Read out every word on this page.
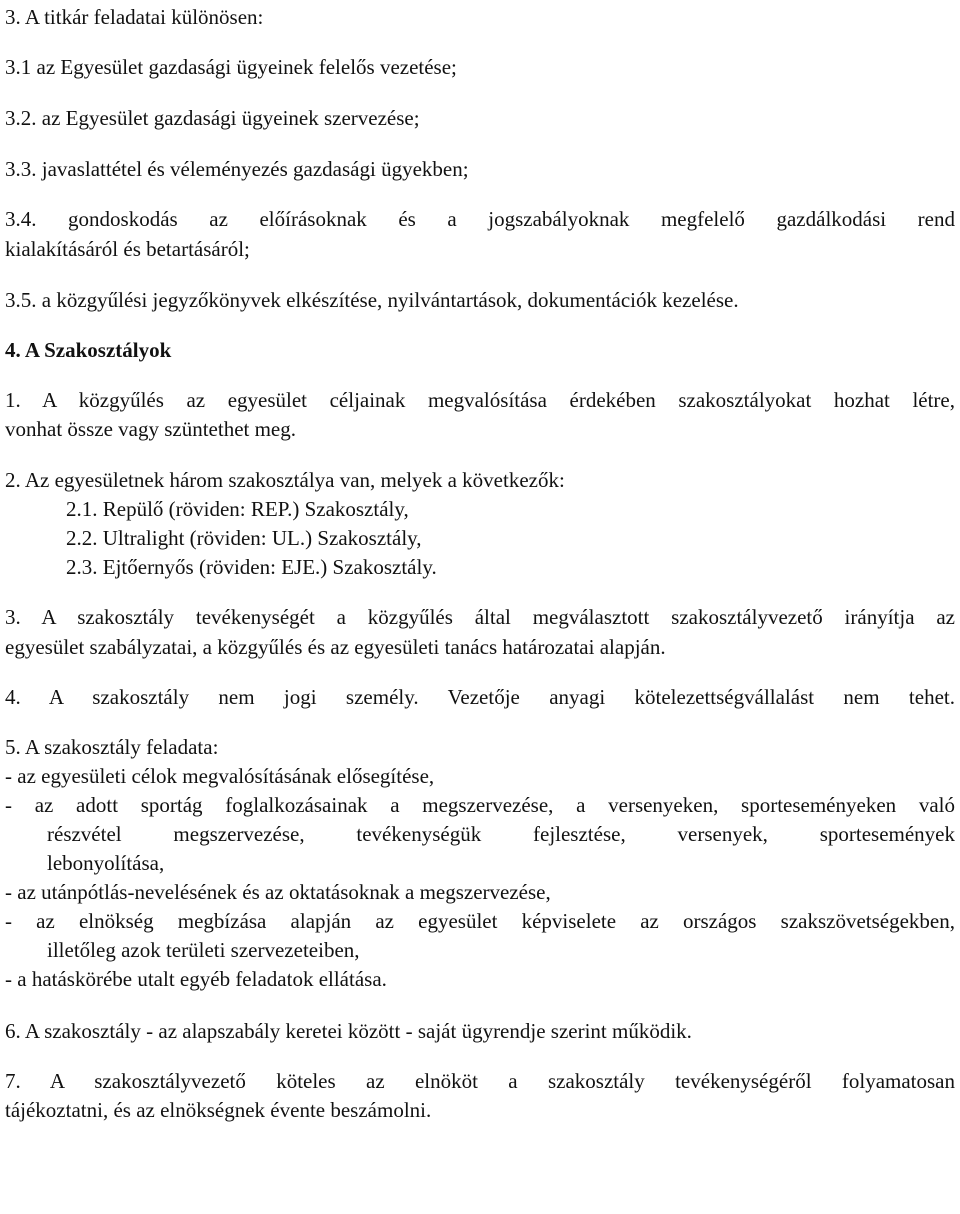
3. A titkár feladatai különösen:
3.1 az Egyesület gazdasági ügyeinek felelős vezetése;
3.2. az Egyesület gazdasági ügyeinek szervezése;
3.3. javaslattétel és véleményezés gazdasági ügyekben;
3.4. gondoskodás az előírásoknak és a jogszabályoknak megfelelő gazdálkodási rend
kialakításáról és betartásáról;
3.5. a közgyűlési jegyzőkönyvek elkészítése, nyilvántartások, dokumentációk kezelése.
4. A Szakosztályok
1. A közgyűlés az egyesület céljainak megvalósítása érdekében szakosztályokat hozhat létre,
vonhat össze vagy szüntethet meg.
2. Az egyesületnek három szakosztálya van, melyek a következők:
2.1. Repülő (röviden: REP.) Szakosztály,
2.2. Ultralight (röviden: UL.) Szakosztály,
2.3. Ejtőernyős (röviden: EJE.) Szakosztály.
3. A szakosztály tevékenységét a közgyűlés által megválasztott szakosztályvezető irányítja az
egyesület szabályzatai, a közgyűlés és az egyesületi tanács határozatai alapján.
4. A szakosztály nem jogi személy. Vezetője anyagi kötelezettségvállalást nem tehet.
5. A szakosztály feladata:
- az egyesületi célok megvalósításának elősegítése,
- az adott sportág foglalkozásainak a megszervezése, a versenyeken, sporteseményeken való
részvétel megszervezése, tevékenységük fejlesztése, versenyek, sportesemények
lebonyolítása,
- az utánpótlás-nevelésének és az oktatásoknak a megszervezése,
- az elnökség megbízása alapján az egyesület képviselete az országos szakszövetségekben,
illetőleg azok területi szervezeteiben,
- a hatáskörébe utalt egyéb feladatok ellátása.
6. A szakosztály - az alapszabály keretei között - saját ügyrendje szerint működik.
7. A szakosztályvezető köteles az elnököt a szakosztály tevékenységéről folyamatosan
tájékoztatni, és az elnökségnek évente beszámolni.
